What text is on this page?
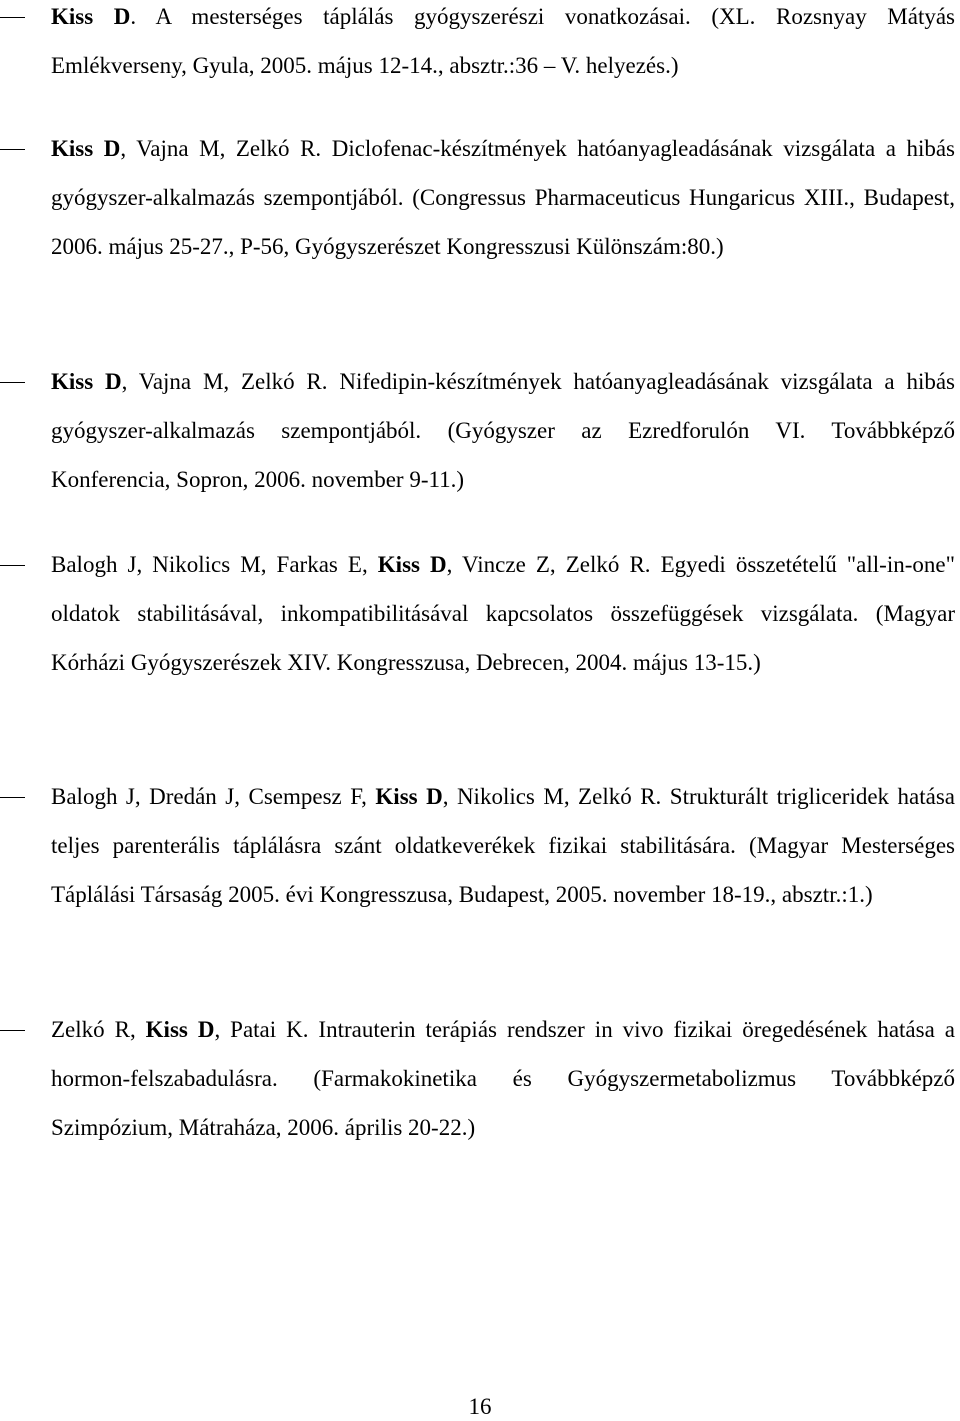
Kiss D. A mesterséges táplálás gyógyszerészi vonatkozásai. (XL. Rozsnyay Mátyás Emlékverseny, Gyula, 2005. május 12-14., absztr.:36 – V. helyezés.)
Kiss D, Vajna M, Zelkó R. Diclofenac-készítmények hatóanyagleadásának vizsgálata a hibás gyógyszer-alkalmazás szempontjából. (Congressus Pharmaceuticus Hungaricus XIII., Budapest, 2006. május 25-27., P-56, Gyógyszerészet Kongresszusi Különszám:80.)
Kiss D, Vajna M, Zelkó R. Nifedipin-készítmények hatóanyagleadásának vizsgálata a hibás gyógyszer-alkalmazás szempontjából. (Gyógyszer az Ezredforulón VI. Továbbképző Konferencia, Sopron, 2006. november 9-11.)
Balogh J, Nikolics M, Farkas E, Kiss D, Vincze Z, Zelkó R. Egyedi összetételű "all-in-one" oldatok stabilitásával, inkompatibilitásával kapcsolatos összefüggések vizsgálata. (Magyar Kórházi Gyógyszerészek XIV. Kongresszusa, Debrecen, 2004. május 13-15.)
Balogh J, Dredán J, Csempesz F, Kiss D, Nikolics M, Zelkó R. Strukturált trigliceridek hatása teljes parenterális táplálásra szánt oldatkeverékek fizikai stabilitására. (Magyar Mesterséges Táplálási Társaság 2005. évi Kongresszusa, Budapest, 2005. november 18-19., absztr.:1.)
Zelkó R, Kiss D, Patai K. Intrauterin terápiás rendszer in vivo fizikai öregedésének hatása a hormon-felszabadulásra. (Farmakokinetika és Gyógyszermetabolizmus Továbbképző Szimpózium, Mátraháza, 2006. április 20-22.)
16
